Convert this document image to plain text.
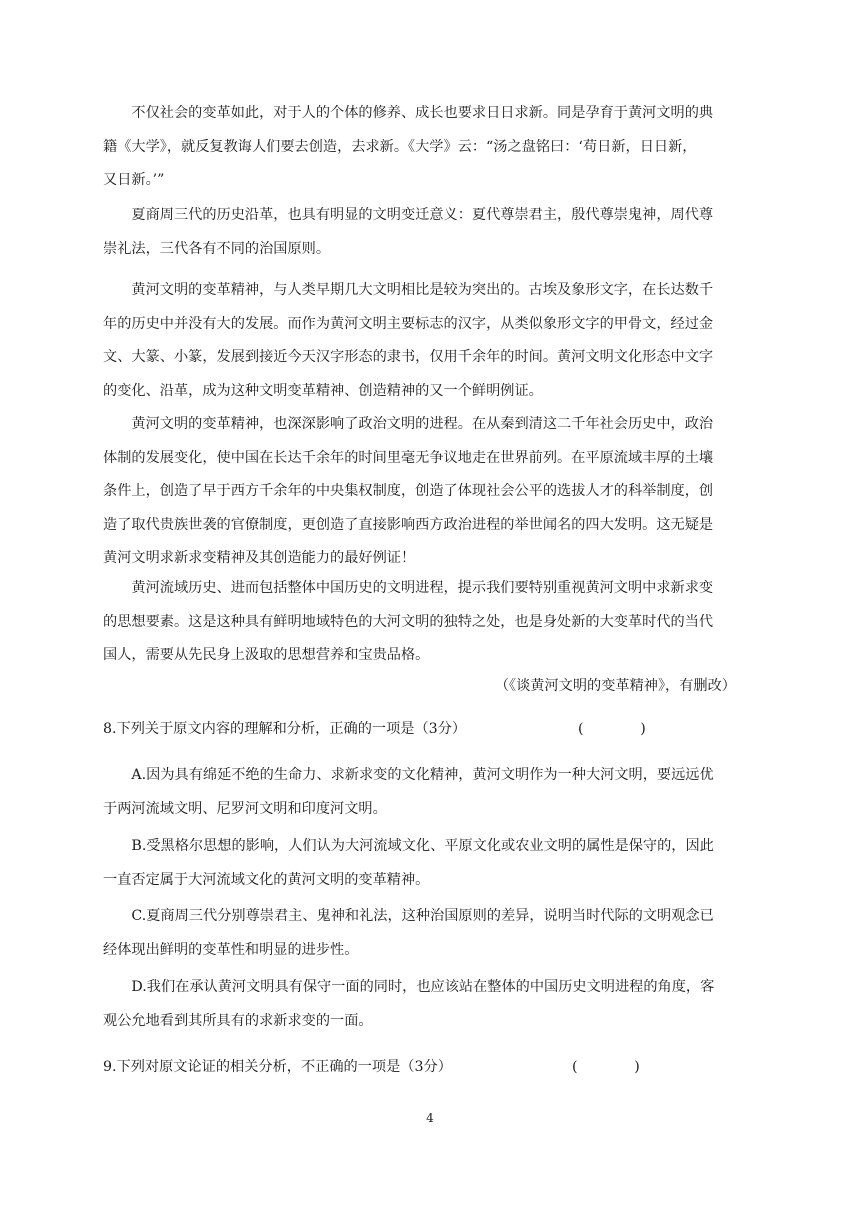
不仅社会的变革如此，对于人的个体的修养、成长也要求日日求新。同是孕育于黄河文明的典
籍《大学》，就反复教诲人们要去创造，去求新。《大学》云：“汤之盘铭曰：‘苟日新，日日新，
又日新。’”

夏商周三代的历史沿革，也具有明显的文明变迁意义：夏代尊崇君主，殷代尊崇鬼神，周代尊
崇礼法，三代各有不同的治国原则。

黄河文明的变革精神，与人类早期几大文明相比是较为突出的。古埃及象形文字，在长达数千
年的历史中并没有大的发展。而作为黄河文明主要标志的汉字，从类似象形文字的甲骨文，经过金
文、大篆、小篆，发展到接近今天汉字形态的隶书，仅用千余年的时间。黄河文明文化形态中文字
的变化、沿革，成为这种文明变革精神、创造精神的又一个鲜明例证。

黄河文明的变革精神，也深深影响了政治文明的进程。在从秦到清这二千年社会历史中，政治
体制的发展变化，使中国在长达千余年的时间里毫无争议地走在世界前列。在平原流域丰厚的土壤
条件上，创造了早于西方千余年的中央集权制度，创造了体现社会公平的选拔人才的科举制度，创
造了取代贵族世袭的官僚制度，更创造了直接影响西方政治进程的举世闻名的四大发明。这无疑是
黄河文明求新求变精神及其创造能力的最好例证！

黄河流域历史、进而包括整体中国历史的文明进程，提示我们要特别重视黄河文明中求新求变
的思想要素。这是这种具有鲜明地域特色的大河文明的独特之处，也是身处新的大变革时代的当代
国人，需要从先民身上汲取的思想营养和宝贵品格。

（《谈黄河文明的变革精神》，有删改）
8.下列关于原文内容的理解和分析，正确的一项是（3分）	(　　　　)

A.因为具有绵延不绝的生命力、求新求变的文化精神，黄河文明作为一种大河文明，要远远优
于两河流域文明、尼罗河文明和印度河文明。

B.受黑格尔思想的影响，人们认为大河流域文化、平原文化或农业文明的属性是保守的，因此
一直否定属于大河流域文化的黄河文明的变革精神。

C.夏商周三代分别尊崇君主、鬼神和礼法，这种治国原则的差异，说明当时代际的文明观念已
经体现出鲜明的变革性和明显的进步性。

D.我们在承认黄河文明具有保守一面的同时，也应该站在整体的中国历史文明进程的角度，客
观公允地看到其所具有的求新求变的一面。

9.下列对原文论证的相关分析，不正确的一项是（3分）	(　　　　)
4
